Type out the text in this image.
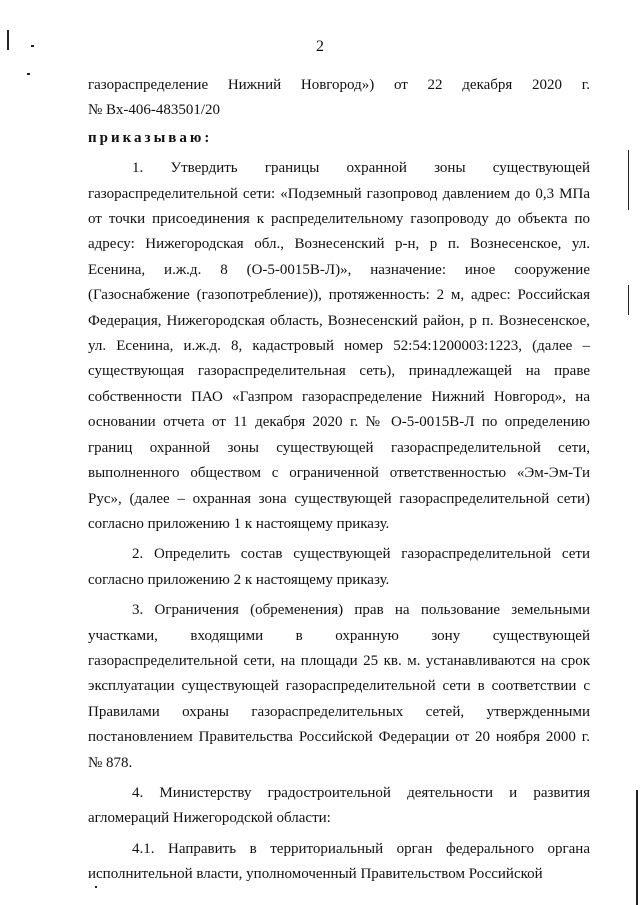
2

газораспределение Нижний Новгород») от 22 декабря 2020 г.

№ Вх-406-483501/20

приказываю:

1. Утвердить границы охранной зоны существующей газораспределительной сети: «Подземный газопровод давлением до 0,3 МПа от точки присоединения к распределительному газопроводу до объекта по адресу: Нижегородская обл., Вознесенский р-н, р п. Вознесенское, ул. Есенина, и.ж.д. 8 (О-5-0015В-Л)», назначение: иное сооружение (Газоснабжение (газопотребление)), протяженность: 2 м, адрес: Российская Федерация, Нижегородская область, Вознесенский район, р п. Вознесенское, ул. Есенина, и.ж.д. 8, кадастровый номер 52:54:1200003:1223, (далее – существующая газораспределительная сеть), принадлежащей на праве собственности ПАО «Газпром газораспределение Нижний Новгород», на основании отчета от 11 декабря 2020 г. № О-5-0015В-Л по определению границ охранной зоны существующей газораспределительной сети, выполненного обществом с ограниченной ответственностью «Эм-Эм-Ти Рус», (далее – охранная зона существующей газораспределительной сети) согласно приложению 1 к настоящему приказу.

2. Определить состав существующей газораспределительной сети согласно приложению 2 к настоящему приказу.

3. Ограничения (обременения) прав на пользование земельными участками, входящими в охранную зону существующей газораспределительной сети, на площади 25 кв. м. устанавливаются на срок эксплуатации существующей газораспределительной сети в соответствии с Правилами охраны газораспределительных сетей, утвержденными постановлением Правительства Российской Федерации от 20 ноября 2000 г. № 878.

4. Министерству градостроительной деятельности и развития агломераций Нижегородской области:

4.1. Направить в территориальный орган федерального органа исполнительной власти, уполномоченный Правительством Российской
